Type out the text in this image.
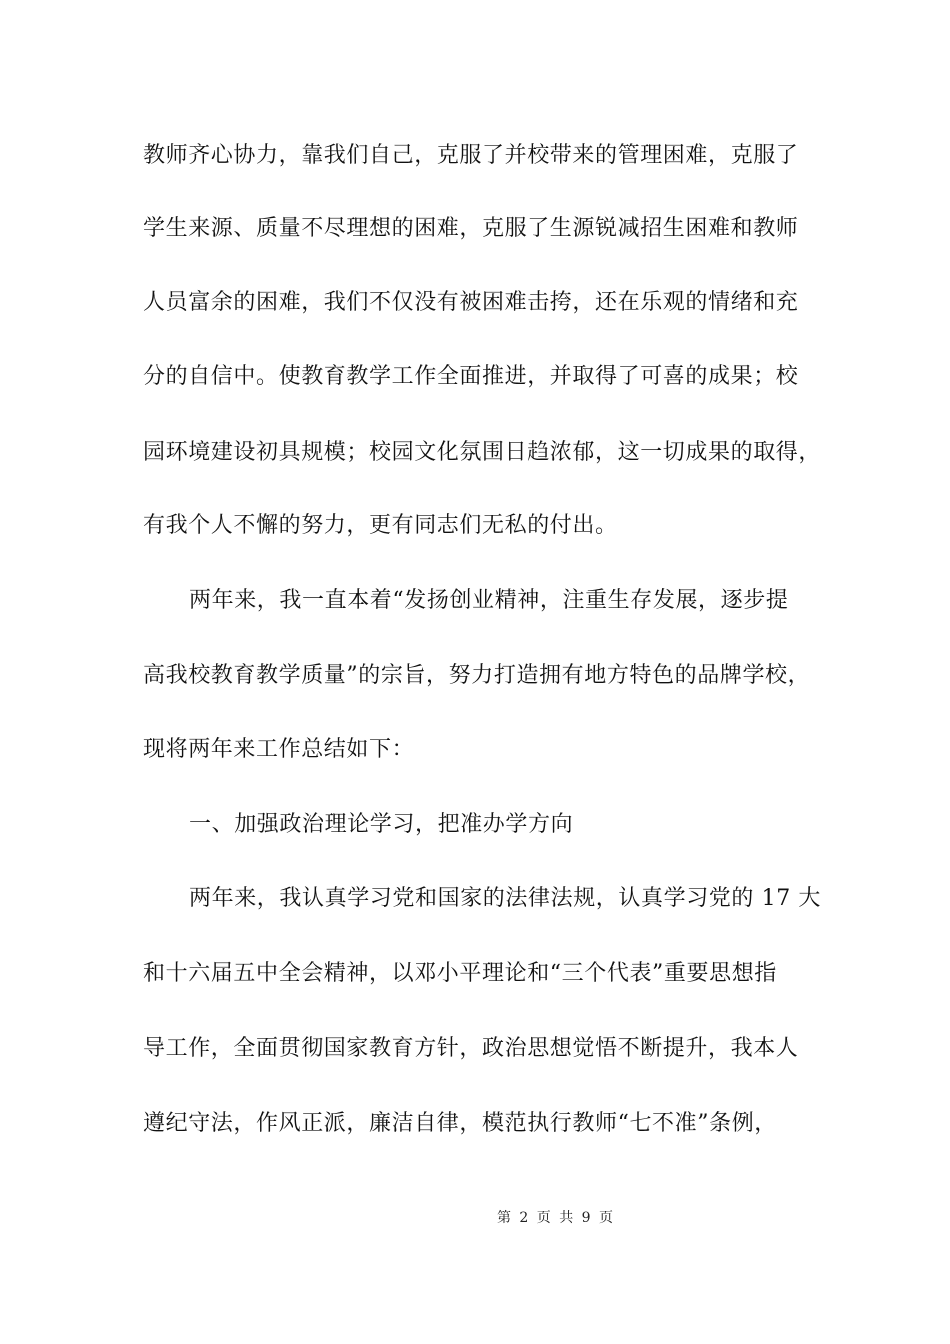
教师齐心协力，靠我们自己，克服了并校带来的管理困难，克服了
学生来源、质量不尽理想的困难，克服了生源锐减招生困难和教师
人员富余的困难，我们不仅没有被困难击挎，还在乐观的情绪和充
分的自信中。使教育教学工作全面推进，并取得了可喜的成果；校
园环境建设初具规模；校园文化氛围日趋浓郁，这一切成果的取得，
有我个人不懈的努力，更有同志们无私的付出。
两年来，我一直本着“发扬创业精神，注重生存发展，逐步提
高我校教育教学质量”的宗旨，努力打造拥有地方特色的品牌学校，
现将两年来工作总结如下：
一、加强政治理论学习，把准办学方向
两年来，我认真学习党和国家的法律法规，认真学习党的 17 大
和十六届五中全会精神，以邓小平理论和“三个代表”重要思想指
导工作，全面贯彻国家教育方针，政治思想觉悟不断提升，我本人
遵纪守法，作风正派，廉洁自律，模范执行教师“七不准”条例，
第 2 页 共 9 页
